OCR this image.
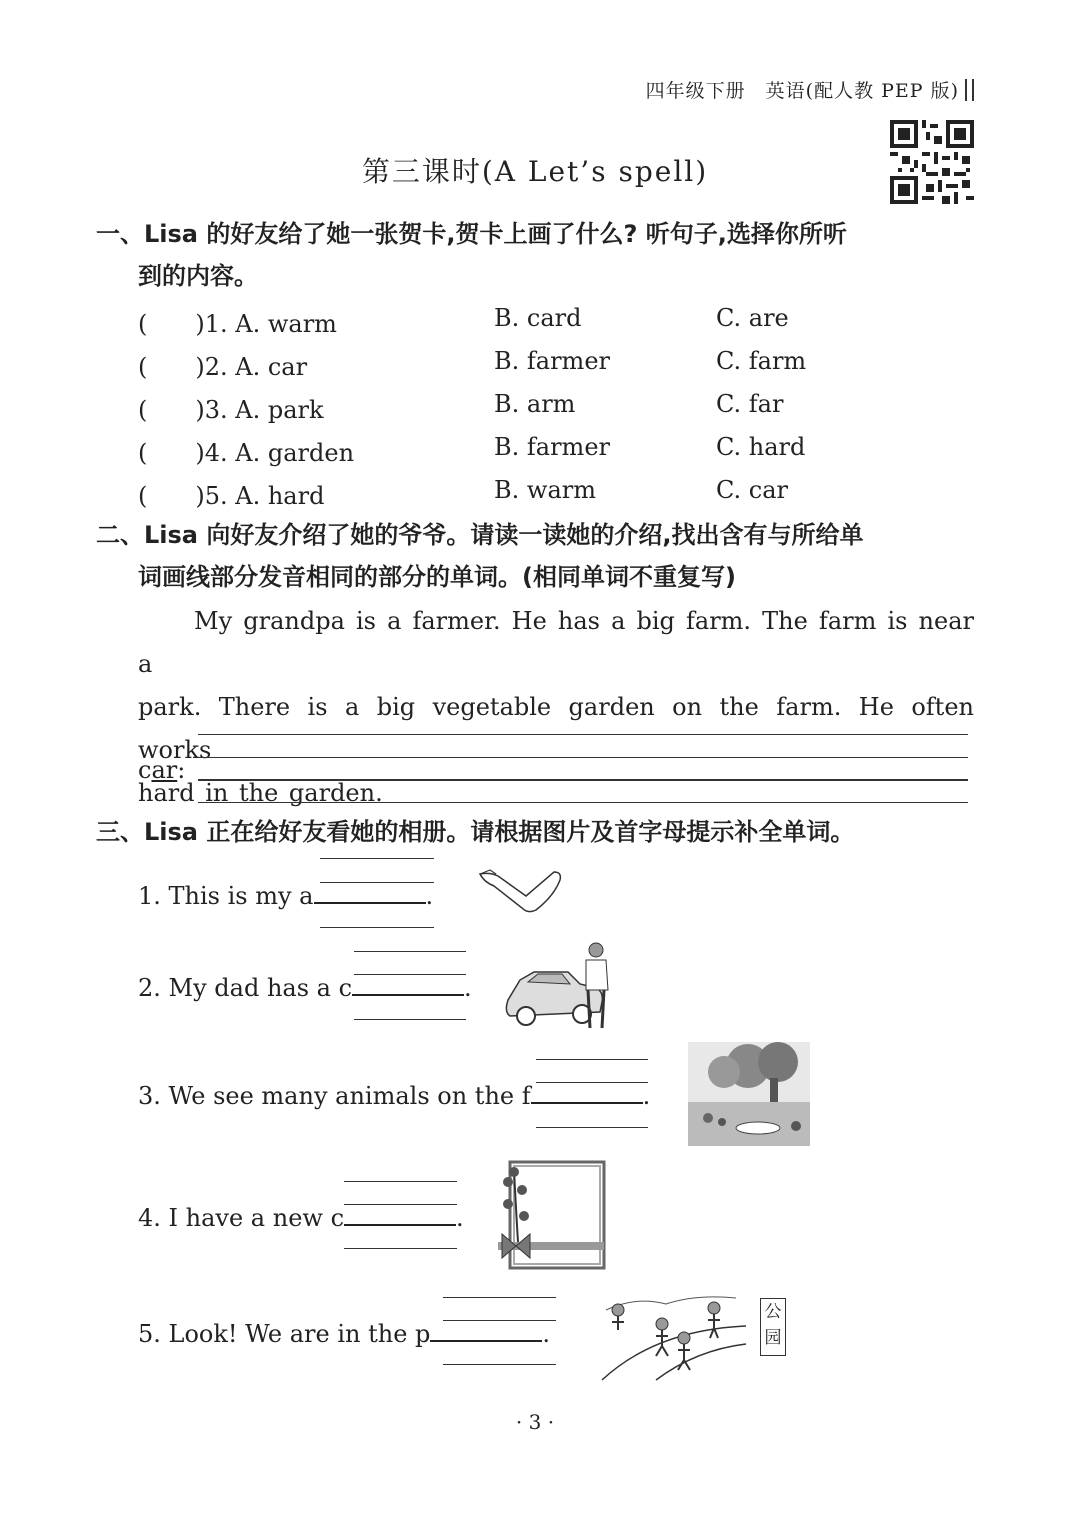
四年级下册　英语(配人教 PEP 版)
第三课时(A Let’s spell)
一、Lisa 的好友给了她一张贺卡,贺卡上画了什么? 听句子,选择你所听
到的内容。
(　　)1. A. warm	B. card	C. are
(　　)2. A. car	B. farmer	C. farm
(　　)3. A. park	B. arm	C. far
(　　)4. A. garden	B. farmer	C. hard
(　　)5. A. hard	B. warm	C. car
二、Lisa 向好友介绍了她的爷爷。请读一读她的介绍,找出含有与所给单
词画线部分发音相同的部分的单词。(相同单词不重复写)
My grandpa is a farmer. He has a big farm. The farm is near a
park. There is a big vegetable garden on the farm. He often works
hard in the garden.
car:
三、Lisa 正在给好友看她的相册。请根据图片及首字母提示补全单词。
1. This is my a	.
2. My dad has a c	.
3. We see many animals on the f	.
4. I have a new c	.
5. Look! We are in the p	.
公
园
· 3 ·
